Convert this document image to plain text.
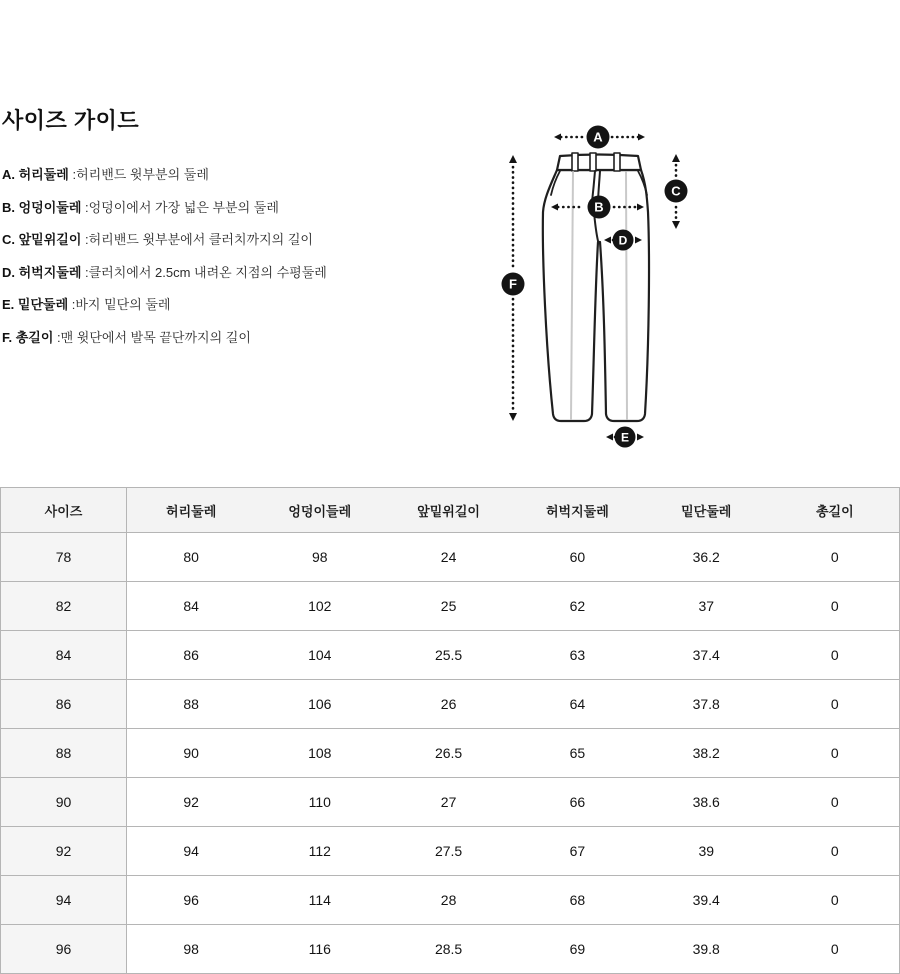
사이즈 가이드
A. 허리둘레 :허리밴드 윗부분의 둘레
B. 엉덩이둘레 :엉덩이에서 가장 넓은 부분의 둘레
C. 앞밑위길이 :허리밴드 윗부분에서 클러치까지의 길이
D. 허벅지둘레 :클러치에서 2.5cm 내려온 지점의 수평둘레
E. 밑단둘레 :바지 밑단의 둘레
F. 총길이 :맨 윗단에서 발목 끝단까지의 길이
A
B
C
D
F
E
사이즈	허리둘레	엉덩이들레	앞밑위길이	허벅지둘레	밑단둘레	총길이
78	80	98	24	60	36.2	0
82	84	102	25	62	37	0
84	86	104	25.5	63	37.4	0
86	88	106	26	64	37.8	0
88	90	108	26.5	65	38.2	0
90	92	110	27	66	38.6	0
92	94	112	27.5	67	39	0
94	96	114	28	68	39.4	0
96	98	116	28.5	69	39.8	0
